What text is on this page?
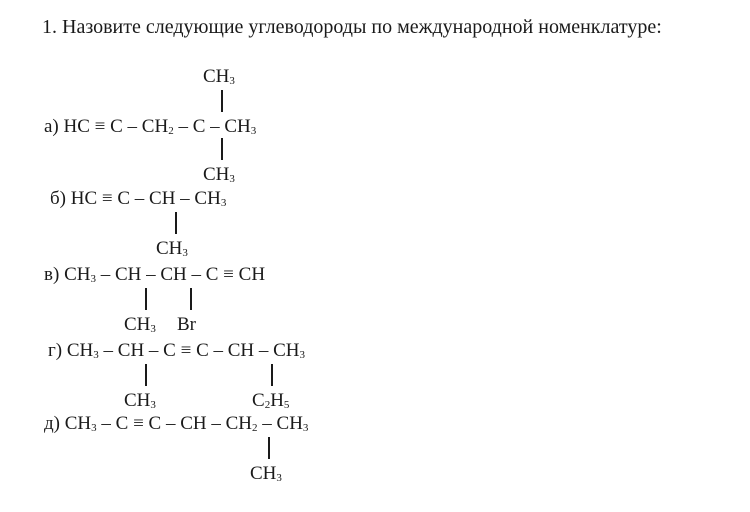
1. Назовите следующие углеводороды по международной номенклатуре:
CH3
а) HC ≡ C – CH2 – C – CH3
CH3
б) HC ≡ C – CH – CH3
CH3
в) CH3 – CH – CH – C ≡ CH
CH3 Br
г) CH3 – CH – C ≡ C – CH – CH3
CH3	C2H5
д) CH3 – C ≡ C – CH – CH2 – CH3
CH3
